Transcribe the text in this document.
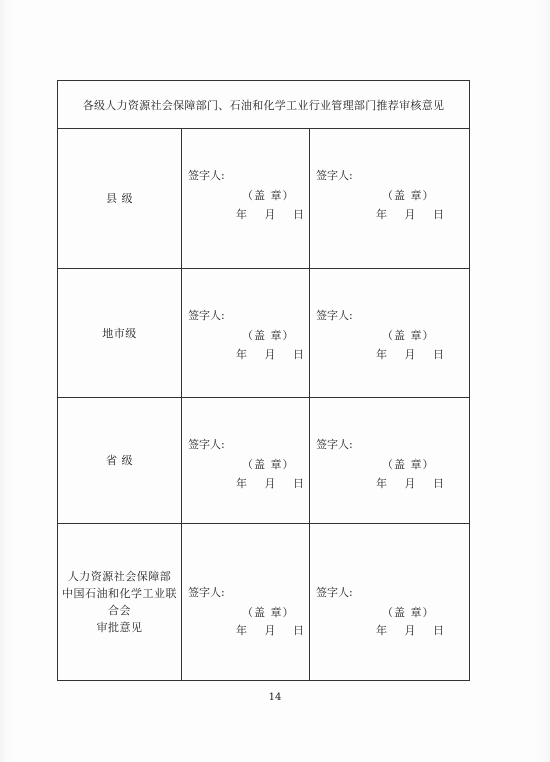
各级人力资源社会保障部门、石油和化学工业行业管理部门推荐审核意见		

县 级	签字人:
（盖 章）
年 月 日	签字人:
（盖 章）
年 月 日

地市级	签字人:
（盖 章）
年 月 日	签字人:
（盖 章）
年 月 日

省 级	签字人:
（盖 章）
年 月 日	签字人:
（盖 章）
年 月 日

人力资源社会保障部
中国石油和化学工业联合会
审批意见	签字人:
（盖 章）
年 月 日	签字人:
（盖 章）
年 月 日
14
